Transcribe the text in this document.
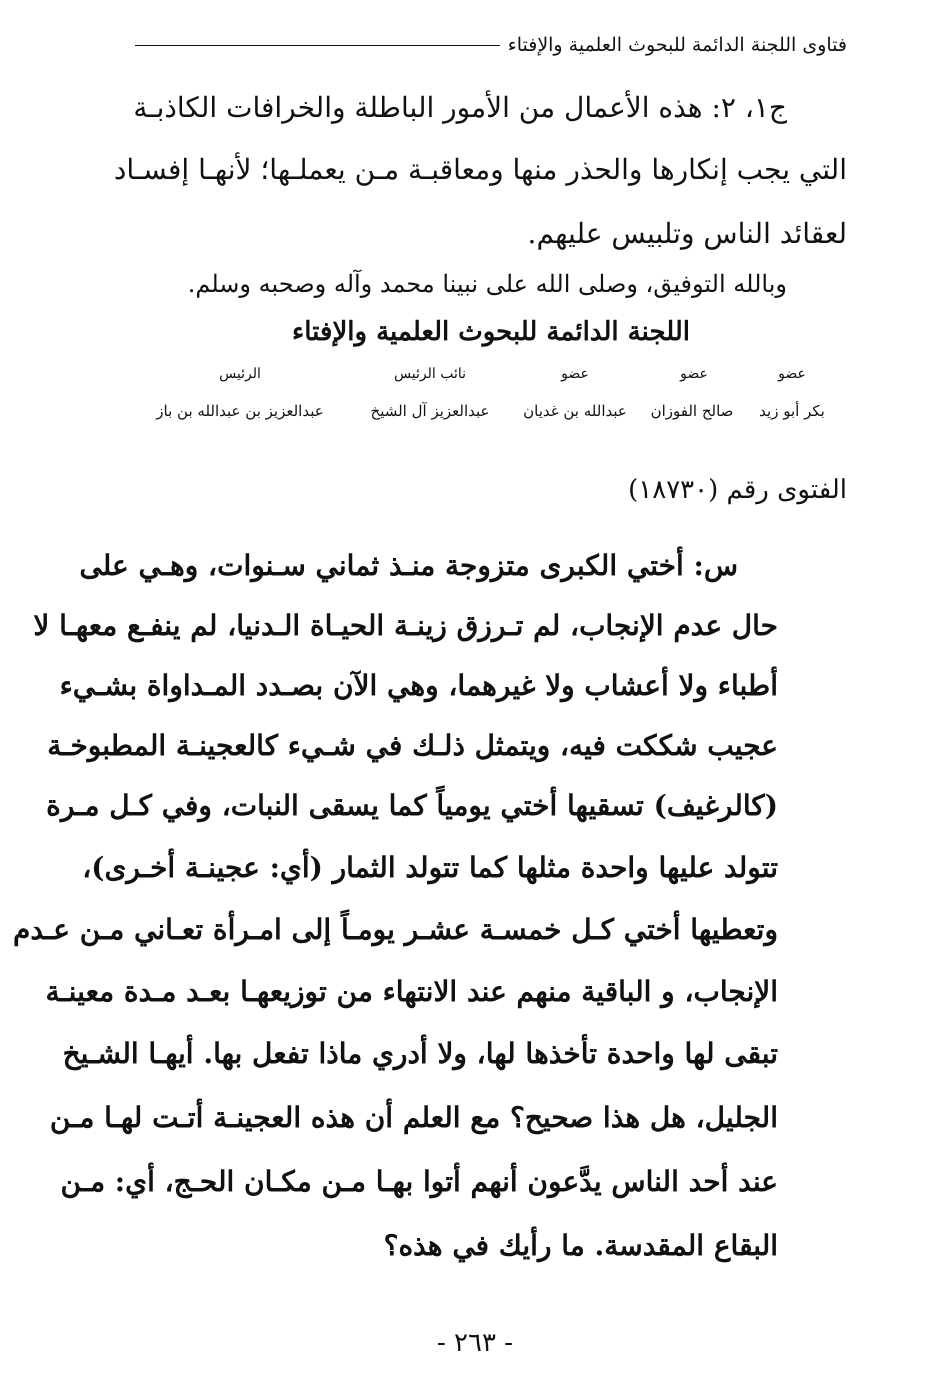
فتاوى اللجنة الدائمة للبحوث العلمية والإفتاء
ج١، ٢: هذه الأعمال من الأمور الباطلة والخرافات الكاذبـة
التي يجب إنكارها والحذر منها ومعاقبـة مـن يعملـها؛ لأنهـا إفسـاد
لعقائد الناس وتلبيس عليهم.
وبالله التوفيق، وصلى الله على نبينا محمد وآله وصحبه وسلم.
اللجنة الدائمة للبحوث العلمية والإفتاء
عضو
عضو
عضو
نائب الرئيس
الرئيس
بكر أبو زيد
صالح الفوزان
عبدالله بن غديان
عبدالعزيز آل الشيخ
عبدالعزيز بن عبدالله بن باز
الفتوى رقم (١٨٧٣٠)
س: أختي الكبرى متزوجة منـذ ثماني سـنوات، وهـي على
حال عدم الإنجاب، لم تـرزق زينـة الحيـاة الـدنيا، لم ينفـع معهـا لا
أطباء ولا أعشاب ولا غيرهما، وهي الآن بصـدد المـداواة بشـيء
عجيب شككت فيه، ويتمثل ذلـك في شـيء كالعجينـة المطبوخـة
(كالرغيف) تسقيها أختي يومياً كما يسقى النبات، وفي كـل مـرة
تتولد عليها واحدة مثلها كما تتولد الثمار (أي: عجينـة أخـرى)،
وتعطيها أختي كـل خمسـة عشـر يومـاً إلى امـرأة تعـاني مـن عـدم
الإنجاب، و الباقية منهم عند الانتهاء من توزيعهـا بعـد مـدة معينـة
تبقى لها واحدة تأخذها لها، ولا أدري ماذا تفعل بها. أيهـا الشـيخ
الجليل، هل هذا صحيح؟ مع العلم أن هذه العجينـة أتـت لهـا مـن
عند أحد الناس يدَّعون أنهم أتوا بهـا مـن مكـان الحـج، أي: مـن
البقاع المقدسة. ما رأيك في هذه؟
- ٢٦٣ -
